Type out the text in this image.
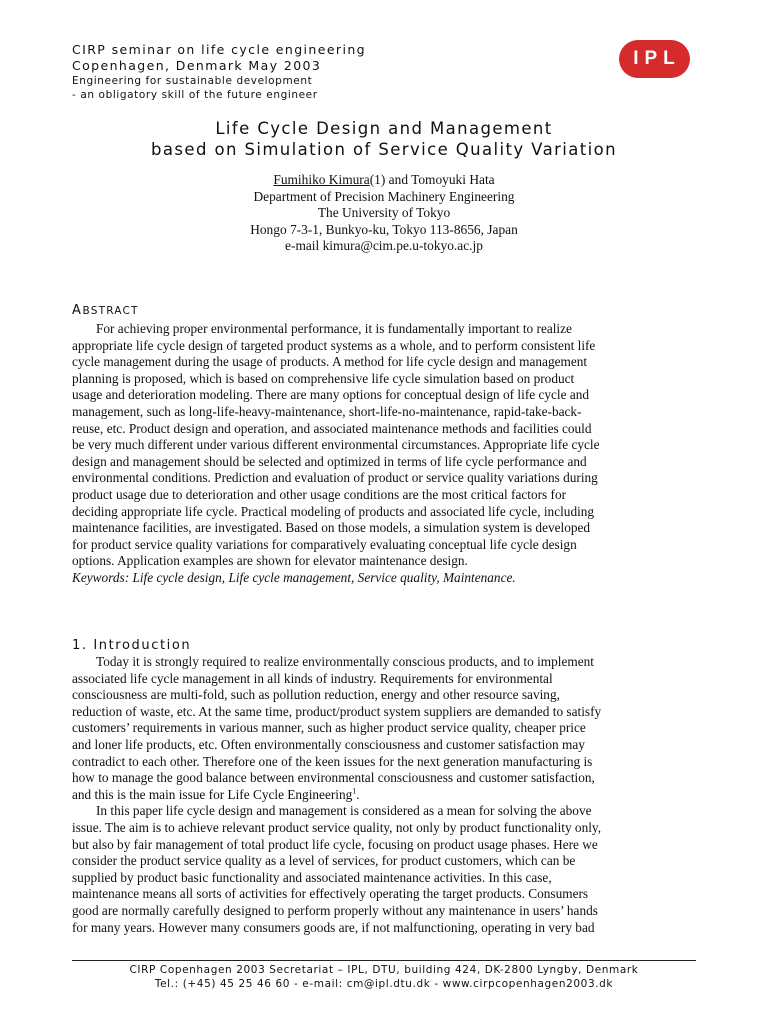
CIRP seminar on life cycle engineering
Copenhagen, Denmark May 2003
Engineering for sustainable development
- an obligatory skill of the future engineer
IPL
Life Cycle Design and Management
based on Simulation of Service Quality Variation
Fumihiko Kimura(1) and Tomoyuki Hata
Department of Precision Machinery Engineering
The University of Tokyo
Hongo 7-3-1, Bunkyo-ku, Tokyo 113-8656, Japan
e-mail kimura@cim.pe.u-tokyo.ac.jp
ABSTRACT
For achieving proper environmental performance, it is fundamentally important to realize
appropriate life cycle design of targeted product systems as a whole, and to perform consistent life
cycle management during the usage of products. A method for life cycle design and management
planning is proposed, which is based on comprehensive life cycle simulation based on product
usage and deterioration modeling. There are many options for conceptual design of life cycle and
management, such as long-life-heavy-maintenance, short-life-no-maintenance, rapid-take-back-
reuse, etc. Product design and operation, and associated maintenance methods and facilities could
be very much different under various different environmental circumstances. Appropriate life cycle
design and management should be selected and optimized in terms of life cycle performance and
environmental conditions. Prediction and evaluation of product or service quality variations during
product usage due to deterioration and other usage conditions are the most critical factors for
deciding appropriate life cycle. Practical modeling of products and associated life cycle, including
maintenance facilities, are investigated. Based on those models, a simulation system is developed
for product service quality variations for comparatively evaluating conceptual life cycle design
options. Application examples are shown for elevator maintenance design.
Keywords: Life cycle design, Life cycle management, Service quality, Maintenance.
1. Introduction
Today it is strongly required to realize environmentally conscious products, and to implement
associated life cycle management in all kinds of industry. Requirements for environmental
consciousness are multi-fold, such as pollution reduction, energy and other resource saving,
reduction of waste, etc. At the same time, product/product system suppliers are demanded to satisfy
customers’ requirements in various manner, such as higher product service quality, cheaper price
and loner life products, etc. Often environmentally consciousness and customer satisfaction may
contradict to each other. Therefore one of the keen issues for the next generation manufacturing is
how to manage the good balance between environmental consciousness and customer satisfaction,
and this is the main issue for Life Cycle Engineering$^1$.
In this paper life cycle design and management is considered as a mean for solving the above
issue. The aim is to achieve relevant product service quality, not only by product functionality only,
but also by fair management of total product life cycle, focusing on product usage phases. Here we
consider the product service quality as a level of services, for product customers, which can be
supplied by product basic functionality and associated maintenance activities. In this case,
maintenance means all sorts of activities for effectively operating the target products. Consumers
good are normally carefully designed to perform properly without any maintenance in users’ hands
for many years. However many consumers goods are, if not malfunctioning, operating in very bad
CIRP Copenhagen 2003 Secretariat – IPL, DTU, building 424, DK-2800 Lyngby, Denmark
Tel.: (+45) 45 25 46 60 - e-mail: cm@ipl.dtu.dk - www.cirpcopenhagen2003.dk
